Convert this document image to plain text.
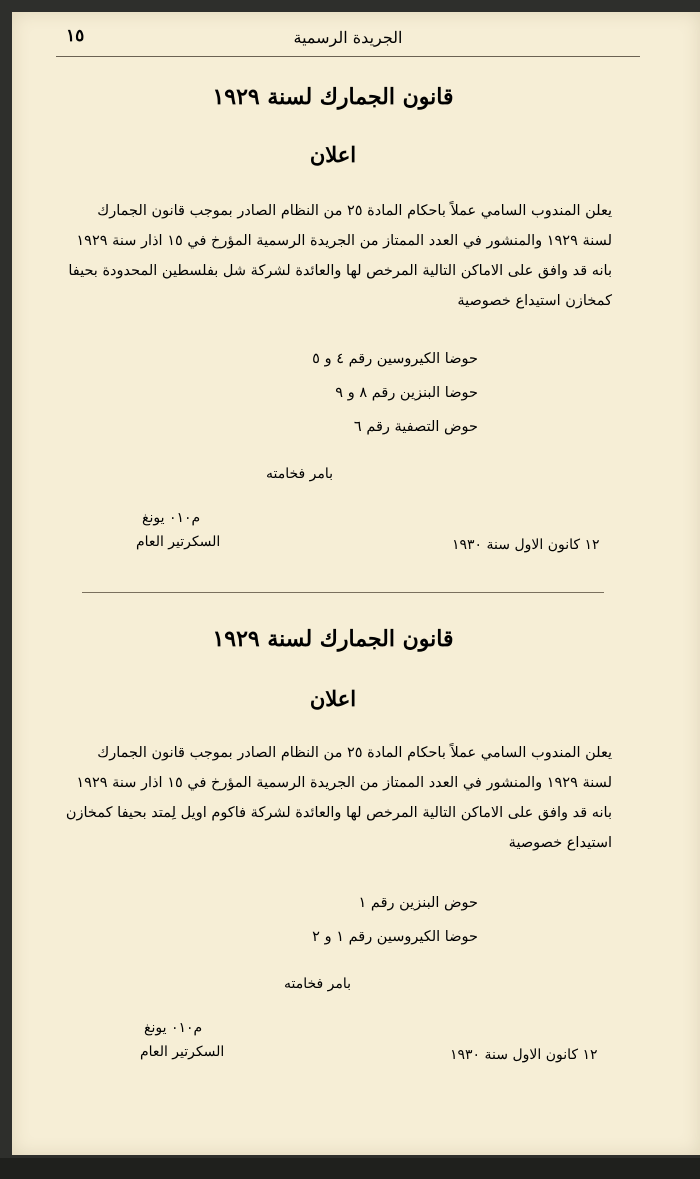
١٥	الجريدة الرسمية

قانون الجمارك لسنة ١٩٢٩

اعلان

يعلن المندوب السامي عملاً باحكام المادة ٢٥ من النظام الصادر بموجب قانون الجمارك
لسنة ١٩٢٩ والمنشور في العدد الممتاز من الجريدة الرسمية المؤرخ في ١٥ اذار سنة ١٩٢٩
بانه قد وافق على الاماكن التالية المرخص لها والعائدة لشركة شل بفلسطين المحدودة بحيفا
كمخازن استيداع خصوصية

حوضا الكيروسين رقم ٤ و ٥
حوضا البنزين رقم ٨ و ٩
حوض التصفية رقم ٦
بامر فخامته
م٠١٠ يونغ
السكرتير العام	١٢ كانون الاول سنة ١٩٣٠

قانون الجمارك لسنة ١٩٢٩

اعلان

يعلن المندوب السامي عملاً باحكام المادة ٢٥ من النظام الصادر بموجب قانون الجمارك
لسنة ١٩٢٩ والمنشور في العدد الممتاز من الجريدة الرسمية المؤرخ في ١٥ اذار سنة ١٩٢٩
بانه قد وافق على الاماكن التالية المرخص لها والعائدة لشركة فاكوم اويل لِمتد بحيفا كمخازن
استيداع خصوصية

حوض البنزين رقم ١
حوضا الكيروسين رقم ١ و ٢
بامر فخامته
م٠١٠ يونغ
السكرتير العام	١٢ كانون الاول سنة ١٩٣٠
